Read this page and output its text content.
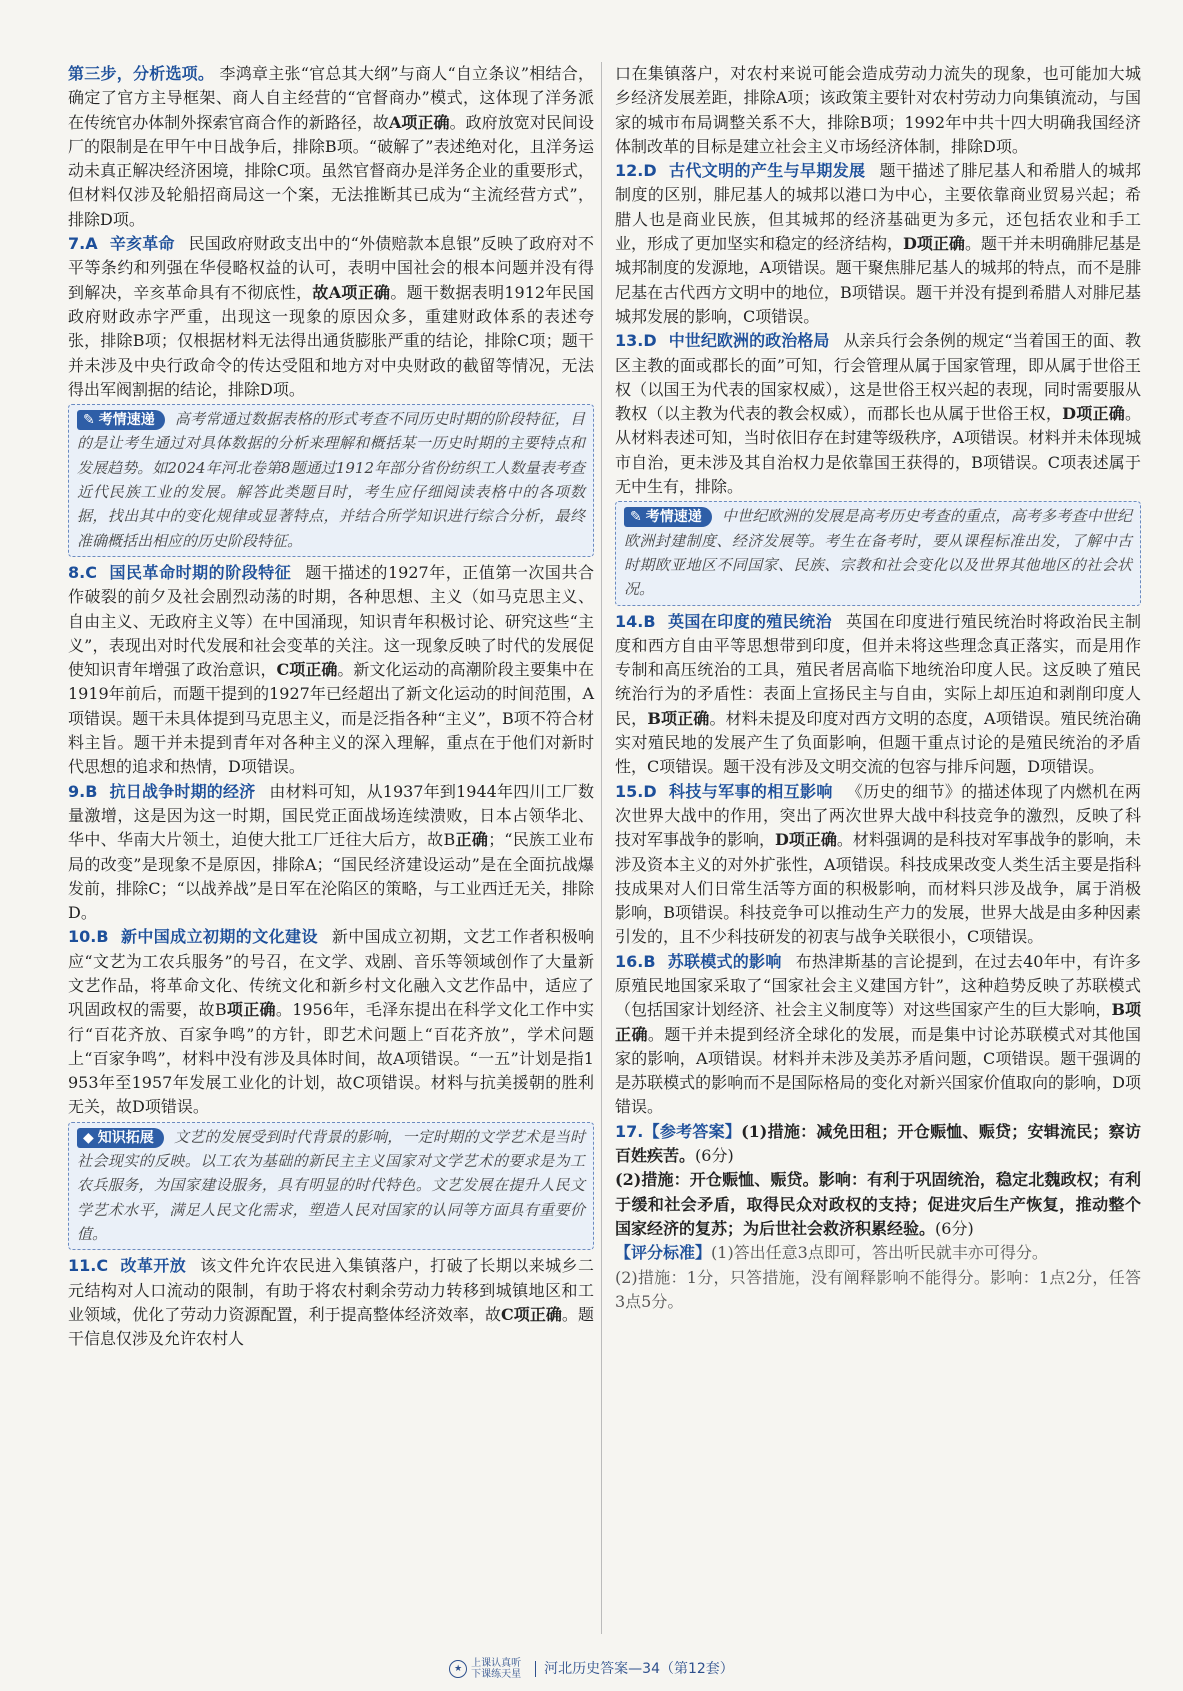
第三步，分析选项。 李鸿章主张“官总其大纲”与商人“自立条议”相结合，确定了官方主导框架、商人自主经营的“官督商办”模式，这体现了洋务派在传统官办体制外探索官商合作的新路径，故A项正确。政府放宽对民间设厂的限制是在甲午中日战争后，排除B项。“破解了”表述绝对化，且洋务运动未真正解决经济困境，排除C项。虽然官督商办是洋务企业的重要形式，但材料仅涉及轮船招商局这一个案，无法推断其已成为“主流经营方式”，排除D项。

7.A 辛亥革命 民国政府财政支出中的“外债赔款本息银”反映了政府对不平等条约和列强在华侵略权益的认可，表明中国社会的根本问题并没有得到解决，辛亥革命具有不彻底性，故A项正确。题干数据表明1912年民国政府财政赤字严重，出现这一现象的原因众多，重建财政体系的表述夸张，排除B项；仅根据材料无法得出通货膨胀严重的结论，排除C项；题干并未涉及中央行政命令的传达受阻和地方对中央财政的截留等情况，无法得出军阀割据的结论，排除D项。

✎ 考情速递 高考常通过数据表格的形式考查不同历史时期的阶段特征，目的是让考生通过对具体数据的分析来理解和概括某一历史时期的主要特点和发展趋势。如2024年河北卷第8题通过1912年部分省份纺织工人数量表考查近代民族工业的发展。解答此类题目时，考生应仔细阅读表格中的各项数据，找出其中的变化规律或显著特点，并结合所学知识进行综合分析，最终准确概括出相应的历史阶段特征。

8.C 国民革命时期的阶段特征 题干描述的1927年，正值第一次国共合作破裂的前夕及社会剧烈动荡的时期，各种思想、主义（如马克思主义、自由主义、无政府主义等）在中国涌现，知识青年积极讨论、研究这些“主义”，表现出对时代发展和社会变革的关注。这一现象反映了时代的发展促使知识青年增强了政治意识，C项正确。新文化运动的高潮阶段主要集中在1919年前后，而题干提到的1927年已经超出了新文化运动的时间范围，A项错误。题干未具体提到马克思主义，而是泛指各种“主义”，B项不符合材料主旨。题干并未提到青年对各种主义的深入理解，重点在于他们对新时代思想的追求和热情，D项错误。

9.B 抗日战争时期的经济 由材料可知，从1937年到1944年四川工厂数量激增，这是因为这一时期，国民党正面战场连续溃败，日本占领华北、华中、华南大片领土，迫使大批工厂迁往大后方，故B正确；“民族工业布局的改变”是现象不是原因，排除A；“国民经济建设运动”是在全面抗战爆发前，排除C；“以战养战”是日军在沦陷区的策略，与工业西迁无关，排除D。

10.B 新中国成立初期的文化建设 新中国成立初期，文艺工作者积极响应“文艺为工农兵服务”的号召，在文学、戏剧、音乐等领域创作了大量新文艺作品，将革命文化、传统文化和新乡村文化融入文艺作品中，适应了巩固政权的需要，故B项正确。1956年，毛泽东提出在科学文化工作中实行“百花齐放、百家争鸣”的方针，即艺术问题上“百花齐放”，学术问题上“百家争鸣”，材料中没有涉及具体时间，故A项错误。“一五”计划是指1953年至1957年发展工业化的计划，故C项错误。材料与抗美援朝的胜利无关，故D项错误。

◆ 知识拓展 文艺的发展受到时代背景的影响，一定时期的文学艺术是当时社会现实的反映。以工农为基础的新民主主义国家对文学艺术的要求是为工农兵服务，为国家建设服务，具有明显的时代特色。文艺发展在提升人民文学艺术水平，满足人民文化需求，塑造人民对国家的认同等方面具有重要价值。

11.C 改革开放 该文件允许农民进入集镇落户，打破了长期以来城乡二元结构对人口流动的限制，有助于将农村剩余劳动力转移到城镇地区和工业领域，优化了劳动力资源配置，利于提高整体经济效率，故C项正确。题干信息仅涉及允许农村人

口在集镇落户，对农村来说可能会造成劳动力流失的现象，也可能加大城乡经济发展差距，排除A项；该政策主要针对农村劳动力向集镇流动，与国家的城市布局调整关系不大，排除B项；1992年中共十四大明确我国经济体制改革的目标是建立社会主义市场经济体制，排除D项。

12.D 古代文明的产生与早期发展 题干描述了腓尼基人和希腊人的城邦制度的区别，腓尼基人的城邦以港口为中心，主要依靠商业贸易兴起；希腊人也是商业民族，但其城邦的经济基础更为多元，还包括农业和手工业，形成了更加坚实和稳定的经济结构，D项正确。题干并未明确腓尼基是城邦制度的发源地，A项错误。题干聚焦腓尼基人的城邦的特点，而不是腓尼基在古代西方文明中的地位，B项错误。题干并没有提到希腊人对腓尼基城邦发展的影响，C项错误。

13.D 中世纪欧洲的政治格局 从亲兵行会条例的规定“当着国王的面、教区主教的面或郡长的面”可知，行会管理从属于国家管理，即从属于世俗王权（以国王为代表的国家权威），这是世俗王权兴起的表现，同时需要服从教权（以主教为代表的教会权威），而郡长也从属于世俗王权，D项正确。从材料表述可知，当时依旧存在封建等级秩序，A项错误。材料并未体现城市自治，更未涉及其自治权力是依靠国王获得的，B项错误。C项表述属于无中生有，排除。

✎ 考情速递 中世纪欧洲的发展是高考历史考查的重点，高考多考查中世纪欧洲封建制度、经济发展等。考生在备考时，要从课程标准出发，了解中古时期欧亚地区不同国家、民族、宗教和社会变化以及世界其他地区的社会状况。

14.B 英国在印度的殖民统治 英国在印度进行殖民统治时将政治民主制度和西方自由平等思想带到印度，但并未将这些理念真正落实，而是用作专制和高压统治的工具，殖民者居高临下地统治印度人民。这反映了殖民统治行为的矛盾性：表面上宣扬民主与自由，实际上却压迫和剥削印度人民，B项正确。材料未提及印度对西方文明的态度，A项错误。殖民统治确实对殖民地的发展产生了负面影响，但题干重点讨论的是殖民统治的矛盾性，C项错误。题干没有涉及文明交流的包容与排斥问题，D项错误。

15.D 科技与军事的相互影响 《历史的细节》的描述体现了内燃机在两次世界大战中的作用，突出了两次世界大战中科技竞争的激烈，反映了科技对军事战争的影响，D项正确。材料强调的是科技对军事战争的影响，未涉及资本主义的对外扩张性，A项错误。科技成果改变人类生活主要是指科技成果对人们日常生活等方面的积极影响，而材料只涉及战争，属于消极影响，B项错误。科技竞争可以推动生产力的发展，世界大战是由多种因素引发的，且不少科技研发的初衷与战争关联很小，C项错误。

16.B 苏联模式的影响 布热津斯基的言论提到，在过去40年中，有许多原殖民地国家采取了“国家社会主义建国方针”，这种趋势反映了苏联模式（包括国家计划经济、社会主义制度等）对这些国家产生的巨大影响，B项正确。题干并未提到经济全球化的发展，而是集中讨论苏联模式对其他国家的影响，A项错误。材料并未涉及美苏矛盾问题，C项错误。题干强调的是苏联模式的影响而不是国际格局的变化对新兴国家价值取向的影响，D项错误。

17.【参考答案】(1)措施：减免田租；开仓赈恤、赈贷；安辑流民；察访百姓疾苦。(6分)

(2)措施：开仓赈恤、赈贷。影响：有利于巩固统治，稳定北魏政权；有利于缓和社会矛盾，取得民众对政权的支持；促进灾后生产恢复，推动整个国家经济的复苏；为后世社会救济积累经验。(6分)

【评分标准】(1)答出任意3点即可，答出听民就丰亦可得分。

(2)措施：1分，只答措施，没有阐释影响不能得分。影响：1点2分，任答3点5分。

★ 上课认真听
下课练天星 河北历史答案—34（第12套）
